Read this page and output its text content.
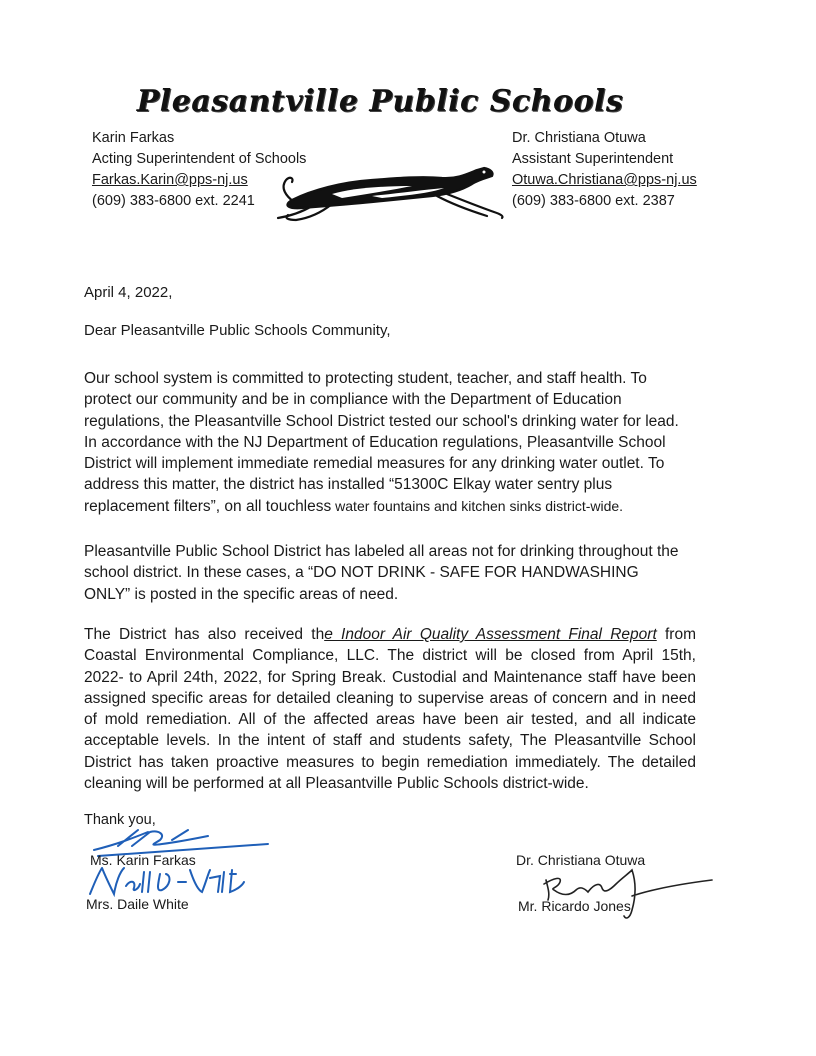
Pleasantville Public Schools
Karin Farkas
Acting Superintendent of Schools
Farkas.Karin@pps-nj.us
(609) 383-6800 ext. 2241
Dr. Christiana Otuwa
Assistant Superintendent
Otuwa.Christiana@pps-nj.us
(609) 383-6800 ext. 2387
April 4, 2022,
Dear Pleasantville Public Schools Community,
Our school system is committed to protecting student, teacher, and staff health. To protect our community and be in compliance with the Department of Education regulations, the Pleasantville School District tested our school's drinking water for lead. In accordance with the NJ Department of Education regulations, Pleasantville School District will implement immediate remedial measures for any drinking water outlet. To address this matter, the district has installed “51300C Elkay water sentry plus replacement filters”, on all touchless water fountains and kitchen sinks district-wide.
Pleasantville Public School District has labeled all areas not for drinking throughout the school district. In these cases, a “DO NOT DRINK - SAFE FOR HANDWASHING ONLY” is posted in the specific areas of need.
The District has also received the Indoor Air Quality Assessment Final Report from Coastal Environmental Compliance, LLC. The district will be closed from April 15th, 2022- to April 24th, 2022, for Spring Break. Custodial and Maintenance staff have been assigned specific areas for detailed cleaning to supervise areas of concern and in need of mold remediation. All of the affected areas have been air tested, and all indicate acceptable levels. In the intent of staff and students safety, The Pleasantville School District has taken proactive measures to begin remediation immediately. The detailed cleaning will be performed at all Pleasantville Public Schools district-wide.
Thank you,
Ms. Karin Farkas
Mrs. Daile White
Dr. Christiana Otuwa
Mr. Ricardo Jones
